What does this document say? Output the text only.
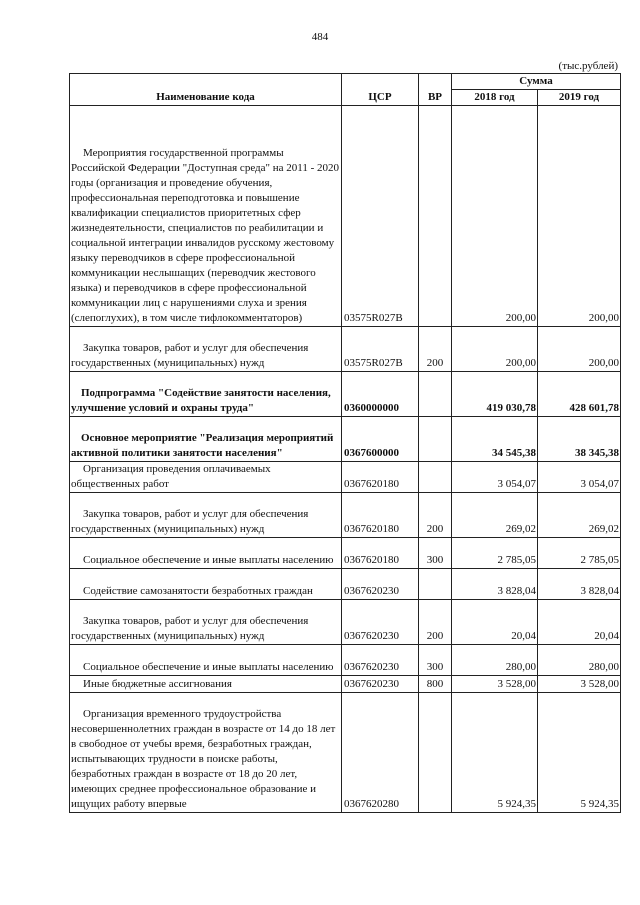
484
(тыс.рублей)
Наименование кода	ЦСР	ВР	Сумма	
			2018 год	2019 год
Мероприятия государственной программы Российской Федерации "Доступная среда" на 2011 - 2020 годы (организация и проведение обучения, профессиональная переподготовка и повышение квалификации специалистов приоритетных сфер жизнедеятельности, специалистов по реабилитации и социальной интеграции инвалидов русскому жестовому языку переводчиков в сфере профессиональной коммуникации неслышащих (переводчик жестового языка) и переводчиков в сфере профессиональной коммуникации лиц с нарушениями слуха и зрения (слепоглухих), в том числе тифлокомментаторов)	03575R027B		200,00	200,00
Закупка товаров, работ и услуг для обеспечения государственных (муниципальных) нужд	03575R027B	200	200,00	200,00
Подпрограмма "Содействие занятости населения, улучшение условий и охраны труда"	0360000000		419 030,78	428 601,78
Основное мероприятие "Реализация мероприятий активной политики занятости населения"	0367600000		34 545,38	38 345,38
Организация проведения оплачиваемых общественных работ	0367620180		3 054,07	3 054,07
Закупка товаров, работ и услуг для обеспечения государственных (муниципальных) нужд	0367620180	200	269,02	269,02
Социальное обеспечение и иные выплаты населению	0367620180	300	2 785,05	2 785,05
Содействие самозанятости безработных граждан	0367620230		3 828,04	3 828,04
Закупка товаров, работ и услуг для обеспечения государственных (муниципальных) нужд	0367620230	200	20,04	20,04
Социальное обеспечение и иные выплаты населению	0367620230	300	280,00	280,00
Иные бюджетные ассигнования	0367620230	800	3 528,00	3 528,00
Организация временного трудоустройства несовершеннолетних граждан в возрасте от 14 до 18 лет в свободное от учебы время, безработных граждан, испытывающих трудности в поиске работы, безработных граждан в возрасте от 18 до 20 лет, имеющих среднее профессиональное образование и ищущих работу впервые	0367620280		5 924,35	5 924,35
